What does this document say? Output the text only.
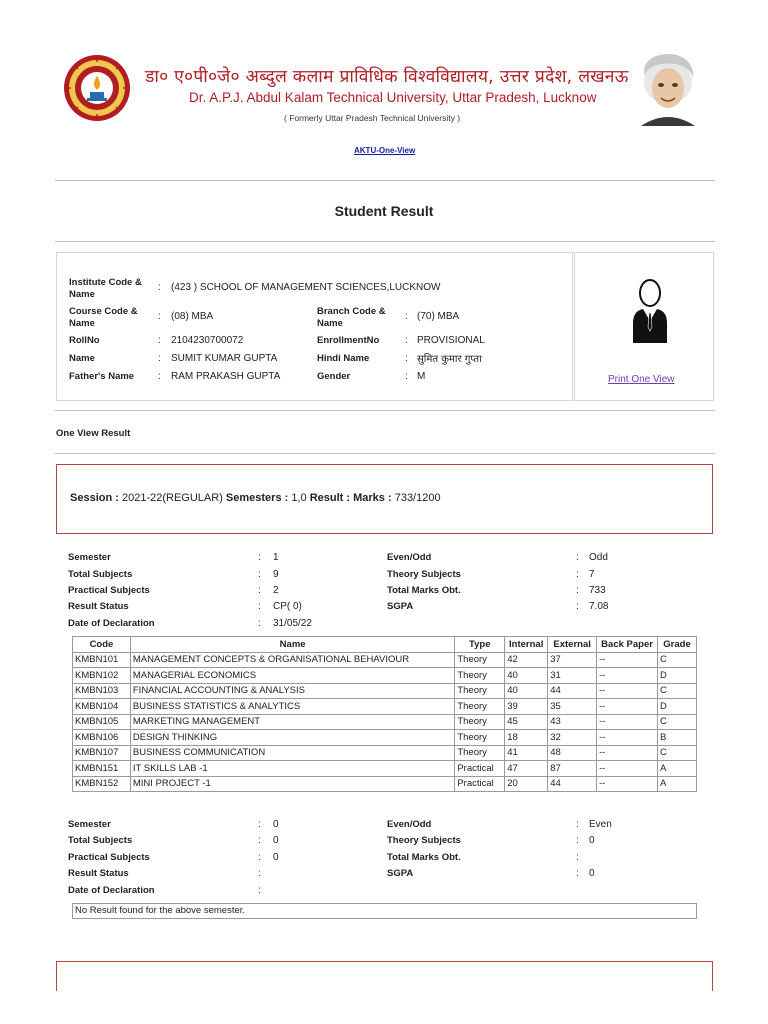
डा० ए०पी०जे० अब्दुल कलाम प्राविधिक विश्वविद्यालय, उत्तर प्रदेश, लखनऊ
Dr. A.P.J. Abdul Kalam Technical University, Uttar Pradesh, Lucknow
( Formerly Uttar Pradesh Technical University )
AKTU-One-View
Student Result
Institute Code & Name
: (423 ) SCHOOL OF MANAGEMENT SCIENCES,LUCKNOW
Course Code & Name
: (08) MBA	Branch Code & Name
: (70) MBA
RollNo	: 2104230700072	EnrollmentNo	: PROVISIONAL
Name	: SUMIT KUMAR GUPTA	Hindi Name	: सुमित कुमार गुप्ता
Father's Name : RAM PRAKASH GUPTA	Gender	: M	Print One View
One View Result
Session : 2021-22(REGULAR) Semesters : 1,0 Result : Marks : 733/1200
Semester	: 1	Even/Odd	: Odd
Total Subjects	: 9	Theory Subjects	: 7
Practical Subjects	: 2	Total Marks Obt.	: 733
Result Status	: CP( 0)	SGPA	: 7.08
Date of Declaration	: 31/05/22
Code	Name	Type	Internal	External	Back Paper	Grade
KMBN101	MANAGEMENT CONCEPTS & ORGANISATIONAL BEHAVIOUR	Theory	42	37	--	C
KMBN102	MANAGERIAL ECONOMICS	Theory	40	31	--	D
KMBN103	FINANCIAL ACCOUNTING & ANALYSIS	Theory	40	44	--	C
KMBN104	BUSINESS STATISTICS & ANALYTICS	Theory	39	35	--	D
KMBN105	MARKETING MANAGEMENT	Theory	45	43	--	C
KMBN106	DESIGN THINKING	Theory	18	32	--	B
KMBN107	BUSINESS COMMUNICATION	Theory	41	48	--	C
KMBN151	IT SKILLS LAB -1	Practical	47	87	--	A
KMBN152	MINI PROJECT -1	Practical	20	44	--	A
Semester	: 0	Even/Odd	: Even
Total Subjects	: 0	Theory Subjects	: 0
Practical Subjects	: 0	Total Marks Obt.	:
Result Status	:	SGPA	: 0
Date of Declaration	:
No Result found for the above semester.
